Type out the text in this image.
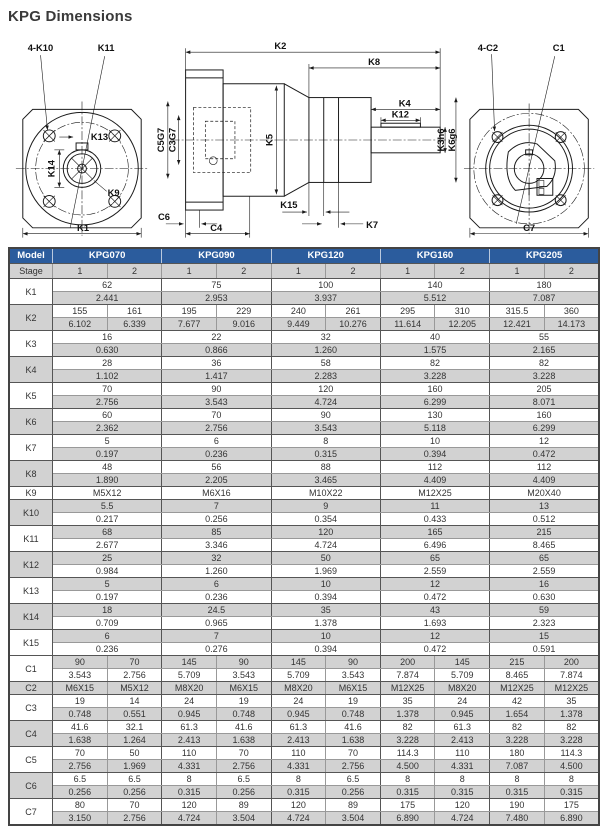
KPG Dimensions
4-K10	K11
K13
K14
K9
K1
K2
K8
K4
K12
C5G7 C3G7	K5	K3h6 K6g6
K15
K7
C6
C4
4-C2	C1
C7
Model	KPG070		KPG090		KPG120		KPG160		KPG205	
Stage	1	2	1	2	1	2	1	2	1	2
K1	62		75		100		140		180	
	2.441		2.953		3.937		5.512		7.087	
K2	155	161	195	229	240	261	295	310	315.5	360
	6.102	6.339	7.677	9.016	9.449	10.276	11.614	12.205	12.421	14.173
K3	16		22		32		40		55	
	0.630		0.866		1.260		1.575		2.165	
K4	28		36		58		82		82	
	1.102		1.417		2.283		3.228		3.228	
K5	70		90		120		160		205	
	2.756		3.543		4.724		6.299		8.071	
K6	60		70		90		130		160	
	2.362		2.756		3.543		5.118		6.299	
K7	5		6		8		10		12	
	0.197		0.236		0.315		0.394		0.472	
K8	48		56		88		112		112	
	1.890		2.205		3.465		4.409		4.409	
K9	M5X12		M6X16		M10X22		M12X25		M20X40	
K10	5.5		7		9		11		13	
	0.217		0.256		0.354		0.433		0.512	
K11	68		85		120		165		215	
	2.677		3.346		4.724		6.496		8.465	
K12	25		32		50		65		65	
	0.984		1.260		1.969		2.559		2.559	
K13	5		6		10		12		16	
	0.197		0.236		0.394		0.472		0.630	
K14	18		24.5		35		43		59	
	0.709		0.965		1.378		1.693		2.323	
K15	6		7		10		12		15	
	0.236		0.276		0.394		0.472		0.591	
C1	90	70	145	90	145	90	200	145	215	200
	3.543	2.756	5.709	3.543	5.709	3.543	7.874	5.709	8.465	7.874
C2	M6X15	M5X12	M8X20	M6X15	M8X20	M6X15	M12X25	M8X20	M12X25	M12X25
C3	19	14	24	19	24	19	35	24	42	35
	0.748	0.551	0.945	0.748	0.945	0.748	1.378	0.945	1.654	1.378
C4	41.6	32.1	61.3	41.6	61.3	41.6	82	61.3	82	82
	1.638	1.264	2.413	1.638	2.413	1.638	3.228	2.413	3.228	3.228
C5	70	50	110	70	110	70	114.3	110	180	114.3
	2.756	1.969	4.331	2.756	4.331	2.756	4.500	4.331	7.087	4.500
C6	6.5	6.5	8	6.5	8	6.5	8	8	8	8
	0.256	0.256	0.315	0.256	0.315	0.256	0.315	0.315	0.315	0.315
C7	80	70	120	89	120	89	175	120	190	175
	3.150	2.756	4.724	3.504	4.724	3.504	6.890	4.724	7.480	6.890
